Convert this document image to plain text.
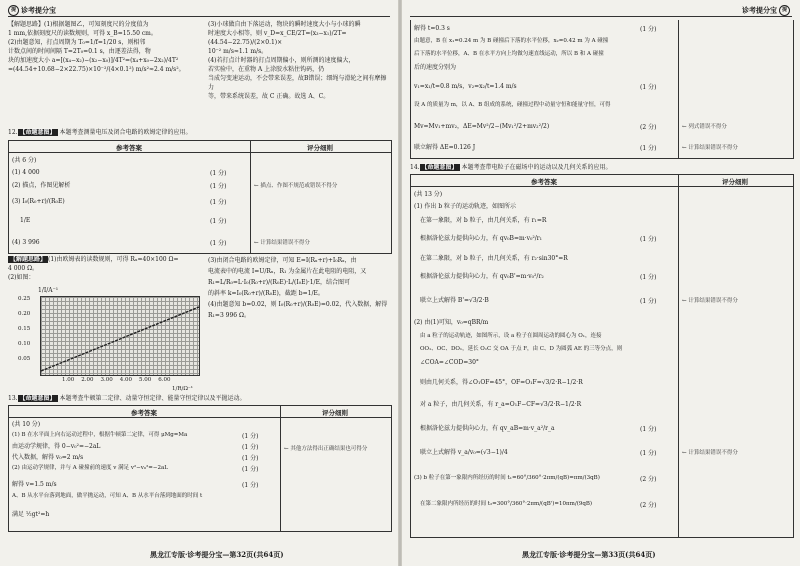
提 诊考提分宝
【解题思路】(1)根据题图乙，可知刻度尺的分度值为
1 mm,依据刻度尺的读数规则，可得 x_B=15.50 cm。
(2)由题意知，打点周期为 T₀=1/f=1/20 s，则相邻
计数点间的时间间隔 T=2T₀=0.1 s，由逐差法得，物
块的加速度大小 a=[(x₄−x₂)−(x₂−x₀)]/4T²=(x₄+x₀−2x₂)/4T²
=(44.54+10.68−2×22.75)×10⁻²/(4×0.1²) m/s²≈2.4 m/s²。
(3)小球做自由下落运动，物块的瞬时速度大小与小球的瞬
时速度大小相等，则 v_D=x_CE/2T=(x₃−x₁)/2T=(44.54−22.75)/(2×0.1)×
10⁻² m/s≈1.1 m/s。
(4)若打点计时器的打点周期偏小，则所测的速度偏大，
若实验中，在重物 A 上涂胶水粘住钩码，仍
当成匀变速运动，不会带来误差，故B错误；细绳与滑轮之间有摩擦力
等，带来系统误差，故 C 正确。故选 A、C。
12. 【命题意图】 本题考查测量电压及闭合电路的欧姆定律的应用。
参考答案	评分细则
(共 6 分)
(1) 4 000	(1 分)
(2) 描点，作图见解析	(1 分)
(3) I₀(R₀+r)/(R₀E)	(1 分)
1/E	(1 分)
(4) 3 996	(1 分)
← 描点、作图不规范或错误不得分
← 计算结果错误不得分
【解题思路】 (1)由欧姆表的读数规则，可得 Rₓ=40×100 Ω=
4 000 Ω。
(2)如图：
(3)由闭合电路的欧姆定律，可知 E=I(Rₓ+r)+I₀Rₓ，由
电流表中的电流 I=U/Rₓ，R₁ 为金属片在此电阻的电阻，又
R₁=L/R₀=L·I₀(R₀+r)/(R₀E)·L/(I₀E)·1/E，结合图可
的斜率 k=I₀(R₀+r)/(R₀E)，截距 b=1/E。
(4)由题意知 b=0.02，则 I₀(R₀+r)/(R₀E)=0.02，代入数据，解得
R₁=3 996 Ω。
1/I/A⁻¹
0.25
0.20
0.15
0.10
0.05
1.00 2.00 3.00 4.00 5.00 6.00
1/R/Ω⁻¹
13. 【命题意图】 本题考查牛顿第二定律、动量守恒定律、能量守恒定律以及平抛运动。
参考答案	评分细则
(共 10 分)
(1) B 在水平面上向右运动过程中，根据牛顿第二定律，可得 μMg=Ma	(1 分)
由运动学规律，得 0−v₀²=−2aL	(1 分)
代入数据，解得 v₀=2 m/s	(1 分)
(2) 由运动学规律，并与 A 碰撞前的速度 v 满足 v²−v₀²=−2aL	(1 分)
解得 v=1.5 m/s	(1 分)
A、B 从水平台落到地面，做平抛运动，可知 A、B 从水平台落到地面的时间 t
满足 ½gt²=h
← 其他方法得出正确结果也可得分
黑龙江专版·诊考提分宝—第32页(共64页)
诊考提分宝 提
解得 t=0.3 s	(1 分)
由题意，B 在 x₁=0.24 m 为 B 碰撞后下落的水平位移，x₂=0.42 m 为 A 碰撞
后下落的水平位移，A、B 在水平方向上均做匀速直线运动，所以 B 和 A 碰撞
后的速度分别为
v₁=x₁/t=0.8 m/s，v₂=x₂/t=1.4 m/s	(1 分)
设 A 的质量为 m，以 A、B 组成的系统，碰撞过程中动量守恒和能量守恒，可得
Mv=Mv₁+mv₂，ΔE=Mv²/2−(Mv₁²/2+mv₂²/2)	(2 分)
联立解得 ΔE=0.126 J	(1 分)
← 列式错误不得分
← 计算结果错误不得分
14. 【命题意图】 本题考查带电粒子在磁场中的运动以及几何关系的应用。
参考答案	评分细则
(共 13 分)
(1) 作出 b 粒子的运动轨迹，如图所示
在第一象限，对 b 粒子，由几何关系，有 r₁=R
根据洛伦兹力提供向心力，有 qv₀B=m·v₀²/r₁	(1 分)
在第二象限，对 b 粒子，由几何关系，有 r₂·sin30°=R
根据洛伦兹力提供向心力，有 qv₀B'=m·v₀²/r₂	(1 分)
联立上式解得 B'=√3/2·B	(1 分)
(2) 由(1)可知，v₀=qBR/m
由 a 粒子的运动轨迹，如图所示，设 a 粒子在圆周运动的圆心为 O₁，连接
OO₁、OC、DO₁，延长 O₁C 交 OA 于点 F，由 C、D 为圆弧 AE 的三等分点，则
∠COA=∠COD=30°
则由几何关系，得∠O₁OF=45°，OF=O₁F=√3/2·R−1/2·R
对 a 粒子，由几何关系，有 r_a=O₁F−CF=√3/2·R−1/2·R
根据洛伦兹力提供向心力，有 qv_aB=m·v_a²/r_a	(1 分)
联立上式解得 v_a/v₀=(√3−1)/4	(1 分)
(3) b 粒子在第一象限内所经历的时间 t₁=60°/360°·2πm/(qB)=πm/(3qB)	(2 分)
在第二象限内所经历的时间 t₂=300°/360°·2πm/(qB')=10πm/(9qB)	(2 分)
← 计算结果错误不得分
← 计算结果错误不得分
黑龙江专版·诊考提分宝—第33页(共64页)
